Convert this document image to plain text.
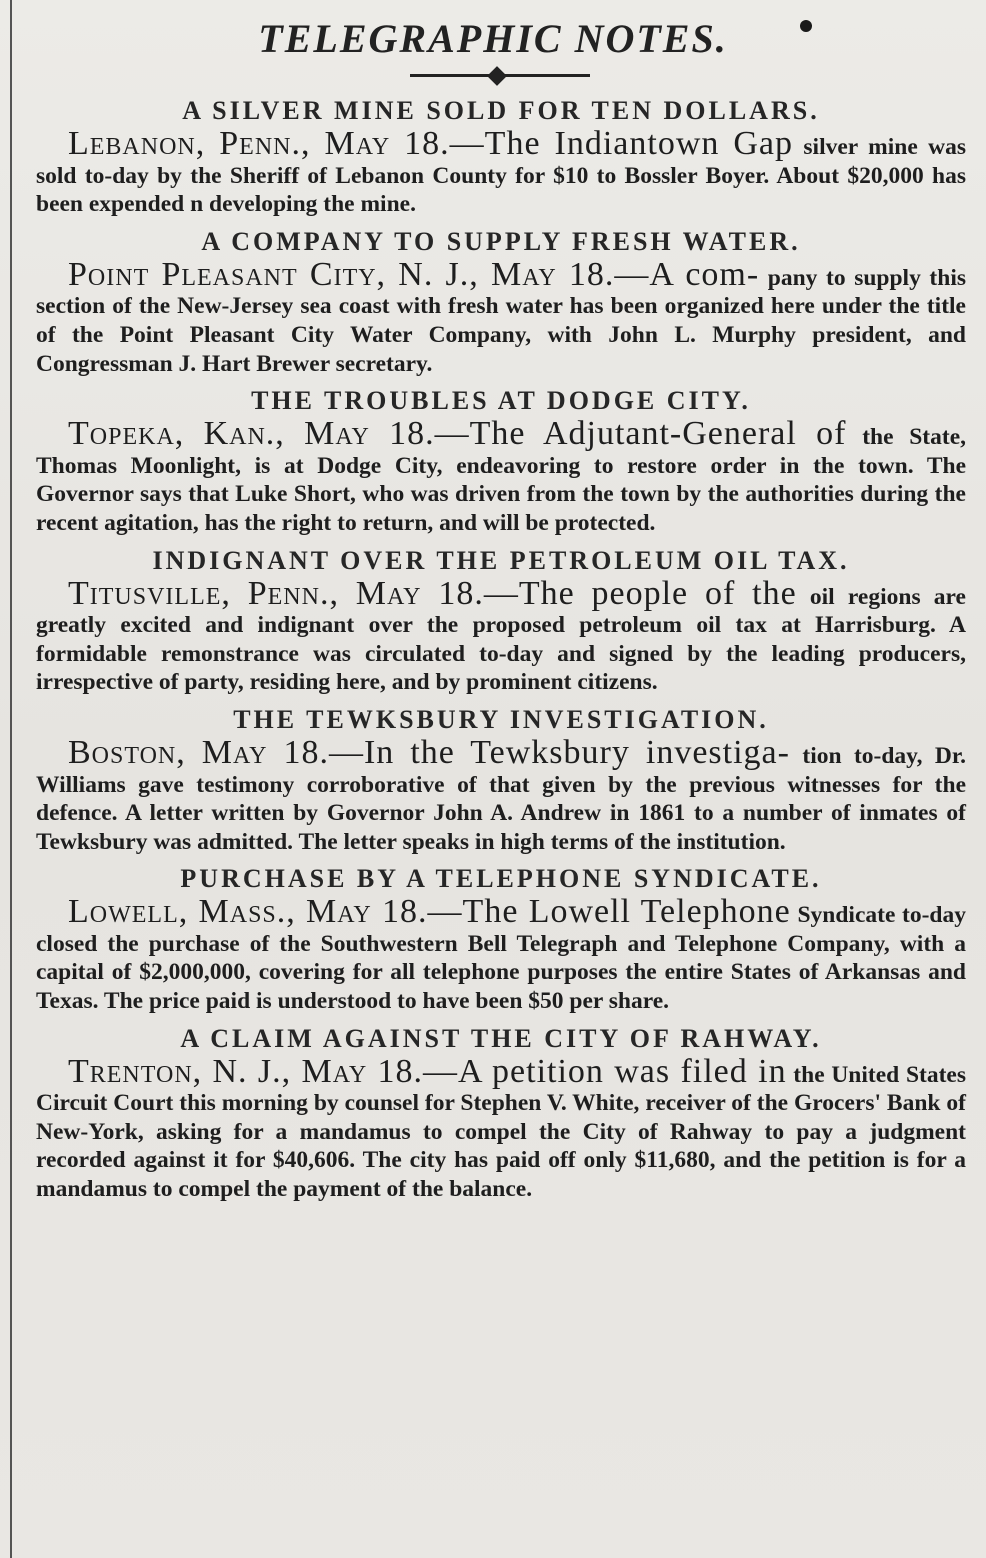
TELEGRAPHIC NOTES.
A SILVER MINE SOLD FOR TEN DOLLARS.

Lebanon, Penn., May 18.—The Indiantown Gap silver mine was sold to-day by the Sheriff of Lebanon County for $10 to Bossler Boyer. About $20,000 has been expended n developing the mine.

A COMPANY TO SUPPLY FRESH WATER.

Point Pleasant City, N. J., May 18.—A com- pany to supply this section of the New-Jersey sea coast with fresh water has been organized here under the title of the Point Pleasant City Water Company, with John L. Murphy president, and Congressman J. Hart Brewer secretary.

THE TROUBLES AT DODGE CITY.

Topeka, Kan., May 18.—The Adjutant-General of the State, Thomas Moonlight, is at Dodge City, endeavoring to restore order in the town. The Governor says that Luke Short, who was driven from the town by the authorities during the recent agitation, has the right to return, and will be protected.

INDIGNANT OVER THE PETROLEUM OIL TAX.

Titusville, Penn., May 18.—The people of the oil regions are greatly excited and indignant over the proposed petroleum oil tax at Harrisburg. A formidable remonstrance was circulated to-day and signed by the leading producers, irrespective of party, residing here, and by prominent citizens.

THE TEWKSBURY INVESTIGATION.

Boston, May 18.—In the Tewksbury investiga- tion to-day, Dr. Williams gave testimony corroborative of that given by the previous witnesses for the defence. A letter written by Governor John A. Andrew in 1861 to a number of inmates of Tewksbury was admitted. The letter speaks in high terms of the institution.

PURCHASE BY A TELEPHONE SYNDICATE.

Lowell, Mass., May 18.—The Lowell Telephone Syndicate to-day closed the purchase of the Southwestern Bell Telegraph and Telephone Company, with a capital of $2,000,000, covering for all telephone purposes the entire States of Arkansas and Texas. The price paid is understood to have been $50 per share.

A CLAIM AGAINST THE CITY OF RAHWAY.

Trenton, N. J., May 18.—A petition was filed in the United States Circuit Court this morning by counsel for Stephen V. White, receiver of the Grocers' Bank of New-York, asking for a mandamus to compel the City of Rahway to pay a judgment recorded against it for $40,606. The city has paid off only $11,680, and the petition is for a mandamus to compel the payment of the balance.
